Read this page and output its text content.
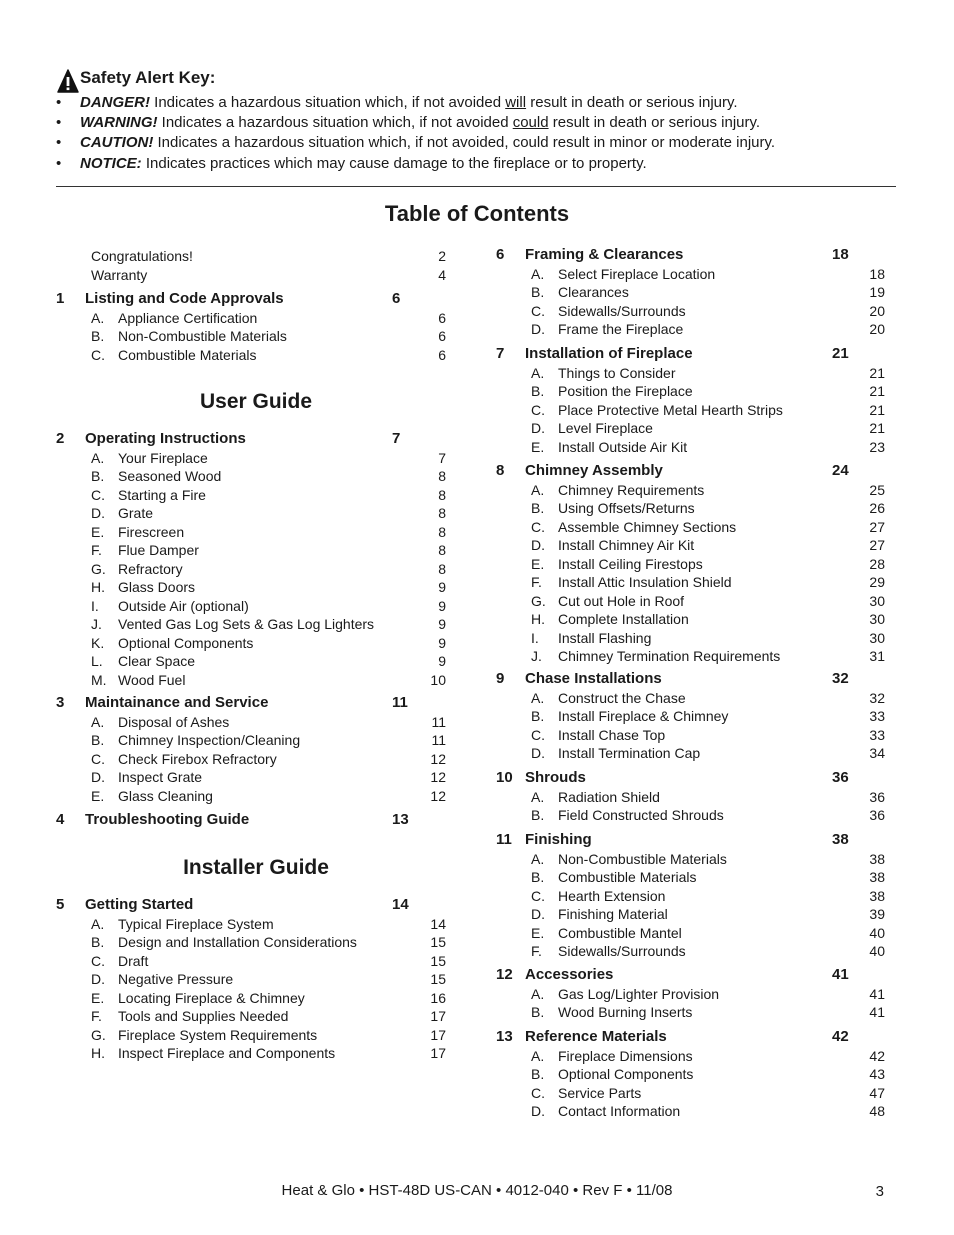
Safety Alert Key:
• DANGER! Indicates a hazardous situation which, if not avoided will result in death or serious injury.
• WARNING! Indicates a hazardous situation which, if not avoided could result in death or serious injury.
• CAUTION! Indicates a hazardous situation which, if not avoided, could result in minor or moderate injury.
• NOTICE: Indicates practices which may cause damage to the fireplace or to property.
Table of Contents
User Guide
Installer Guide
Congratulations!	2
Warranty	4
1 Listing and Code Approvals	6
A. Appliance Certification	6
B. Non-Combustible Materials	6
C. Combustible Materials	6
2 Operating Instructions	7
A. Your Fireplace	7
B. Seasoned Wood	8
C. Starting a Fire	8
D. Grate	8
E. Firescreen	8
F. Flue Damper	8
G. Refractory	8
H. Glass Doors	9
I. Outside Air (optional)	9
J. Vented Gas Log Sets & Gas Log Lighters	9
K. Optional Components	9
L. Clear Space	9
M. Wood Fuel	10
3 Maintainance and Service	11
A. Disposal of Ashes	11
B. Chimney Inspection/Cleaning	11
C. Check Firebox Refractory	12
D. Inspect Grate	12
E. Glass Cleaning	12
4 Troubleshooting Guide	13
5 Getting Started	14
A. Typical Fireplace System	14
B. Design and Installation Considerations	15
C. Draft	15
D. Negative Pressure	15
E. Locating Fireplace & Chimney	16
F. Tools and Supplies Needed	17
G. Fireplace System Requirements	17
H. Inspect Fireplace and Components	17
6 Framing & Clearances	18
A. Select Fireplace Location	18
B. Clearances	19
C. Sidewalls/Surrounds	20
D. Frame the Fireplace	20
7 Installation of Fireplace	21
A. Things to Consider	21
B. Position the Fireplace	21
C. Place Protective Metal Hearth Strips	21
D. Level Fireplace	21
E. Install Outside Air Kit	23
8 Chimney Assembly	24
A. Chimney Requirements	25
B. Using Offsets/Returns	26
C. Assemble Chimney Sections	27
D. Install Chimney Air Kit	27
E. Install Ceiling Firestops	28
F. Install Attic Insulation Shield	29
G. Cut out Hole in Roof	30
H. Complete Installation	30
I. Install Flashing	30
J. Chimney Termination Requirements	31
9 Chase Installations	32
A. Construct the Chase	32
B. Install Fireplace & Chimney	33
C. Install Chase Top	33
D. Install Termination Cap	34
10 Shrouds	36
A. Radiation Shield	36
B. Field Constructed Shrouds	36
11 Finishing	38
A. Non-Combustible Materials	38
B. Combustible Materials	38
C. Hearth Extension	38
D. Finishing Material	39
E. Combustible Mantel	40
F. Sidewalls/Surrounds	40
12 Accessories	41
A. Gas Log/Lighter Provision	41
B. Wood Burning Inserts	41
13 Reference Materials	42
A. Fireplace Dimensions	42
B. Optional Components	43
C. Service Parts	47
D. Contact Information	48
Heat & Glo • HST-48D US-CAN • 4012-040 • Rev F • 11/08	3
